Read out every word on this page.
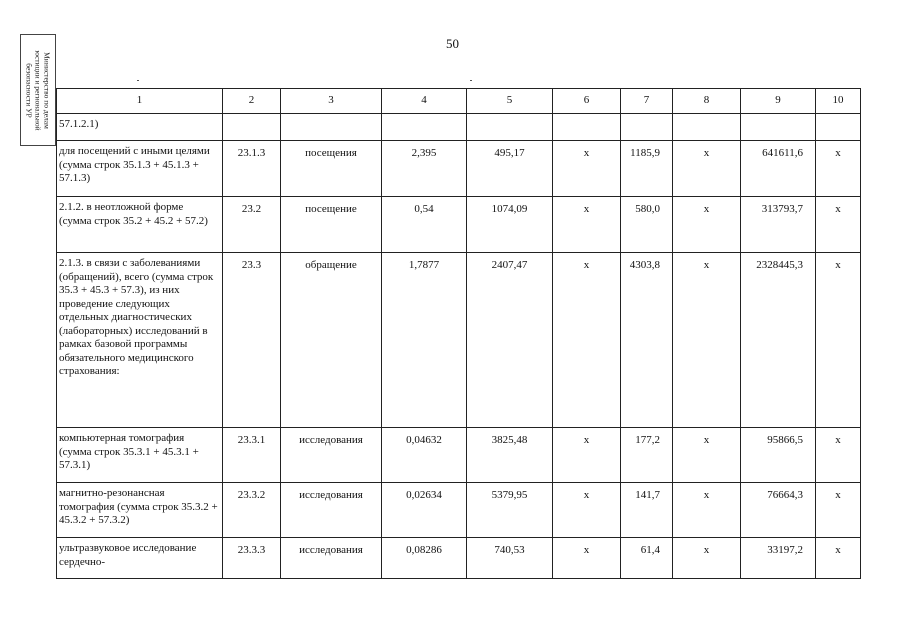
50
Министерство по делам
юстиции и региональной
безопасности УР	1	2	3	4	5	6	7	8	9	10
57.1.2.1)									
для посещений с иными целями (сумма строк 35.1.3 + 45.1.3 + 57.1.3)	23.1.3	посещения	2,395	495,17	х	1185,9	х	641611,6	х
2.1.2. в неотложной форме (сумма строк 35.2 + 45.2 + 57.2)	23.2	посещение	0,54	1074,09	х	580,0	х	313793,7	х
2.1.3. в связи с заболеваниями (обращений), всего (сумма строк 35.3 + 45.3 + 57.3), из них проведение следующих отдельных диагностических (лабораторных) исследований в рамках базовой программы обязательного медицинского страхования:	23.3	обращение	1,7877	2407,47	х	4303,8	х	2328445,3	х
компьютерная томография (сумма строк 35.3.1 + 45.3.1 + 57.3.1)	23.3.1	исследования	0,04632	3825,48	х	177,2	х	95866,5	х
магнитно-резонансная томография (сумма строк 35.3.2 + 45.3.2 + 57.3.2)	23.3.2	исследования	0,02634	5379,95	х	141,7	х	76664,3	х
ультразвуковое исследование сердечно-	23.3.3	исследования	0,08286	740,53	х	61,4	х	33197,2	х
